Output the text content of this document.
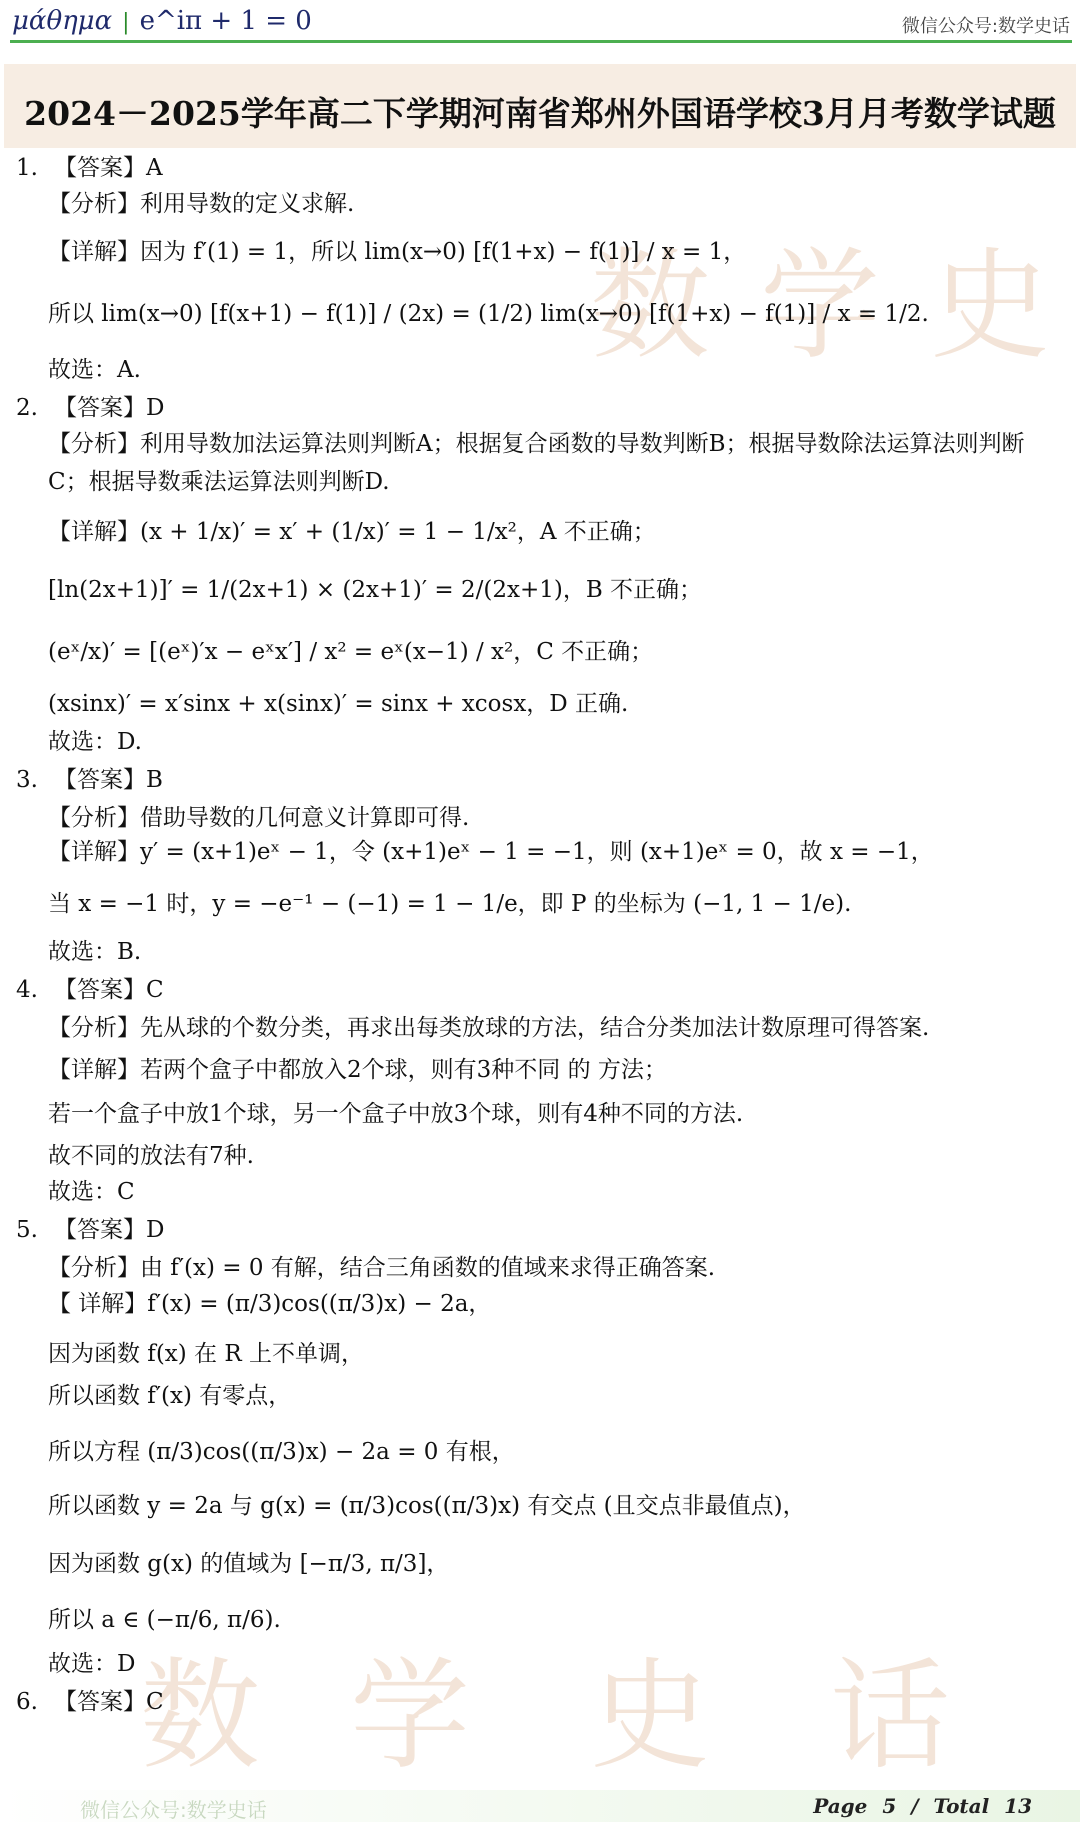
μάθημα | e^iπ + 1 = 0	微信公众号:数学史话
2024－2025学年高二下学期河南省郑州外国语学校3月月考数学试题
数 学 史
数 学 史 话
1. 【答案】A
【分析】利用导数的定义求解.
【详解】因为 f′(1) = 1，所以 lim(x→0) [f(1+x) − f(1)] / x = 1，
所以 lim(x→0) [f(x+1) − f(1)] / (2x) = (1/2) lim(x→0) [f(1+x) − f(1)] / x = 1/2.
故选：A.
2. 【答案】D
【分析】利用导数加法运算法则判断A；根据复合函数的导数判断B；根据导数除法运算法则判断
C；根据导数乘法运算法则判断D.
【详解】(x + 1/x)′ = x′ + (1/x)′ = 1 − 1/x²，A 不正确；
[ln(2x+1)]′ = 1/(2x+1) × (2x+1)′ = 2/(2x+1)，B 不正确；
(eˣ/x)′ = [(eˣ)′x − eˣx′] / x² = eˣ(x−1) / x²，C 不正确；
(xsinx)′ = x′sinx + x(sinx)′ = sinx + xcosx，D 正确.
故选：D.
3. 【答案】B
【分析】借助导数的几何意义计算即可得.
【详解】y′ = (x+1)eˣ − 1，令 (x+1)eˣ − 1 = −1，则 (x+1)eˣ = 0，故 x = −1，
当 x = −1 时，y = −e⁻¹ − (−1) = 1 − 1/e，即 P 的坐标为 (−1, 1 − 1/e).
故选：B.
4. 【答案】C
【分析】先从球的个数分类，再求出每类放球的方法，结合分类加法计数原理可得答案.
【详解】若两个盒子中都放入2个球，则有3种不同 的 方法；
若一个盒子中放1个球，另一个盒子中放3个球，则有4种不同的方法.
故不同的放法有7种.
故选：C
5. 【答案】D
【分析】由 f′(x) = 0 有解，结合三角函数的值域来求得正确答案.
【 详解】f′(x) = (π/3)cos((π/3)x) − 2a，
因为函数 f(x) 在 R 上不单调，
所以函数 f′(x) 有零点，
所以方程 (π/3)cos((π/3)x) − 2a = 0 有根，
所以函数 y = 2a 与 g(x) = (π/3)cos((π/3)x) 有交点 (且交点非最值点)，
因为函数 g(x) 的值域为 [−π/3, π/3]，
所以 a ∈ (−π/6, π/6).
故选：D
6. 【答案】C
微信公众号:数学史话	Page 5 / Total 13
